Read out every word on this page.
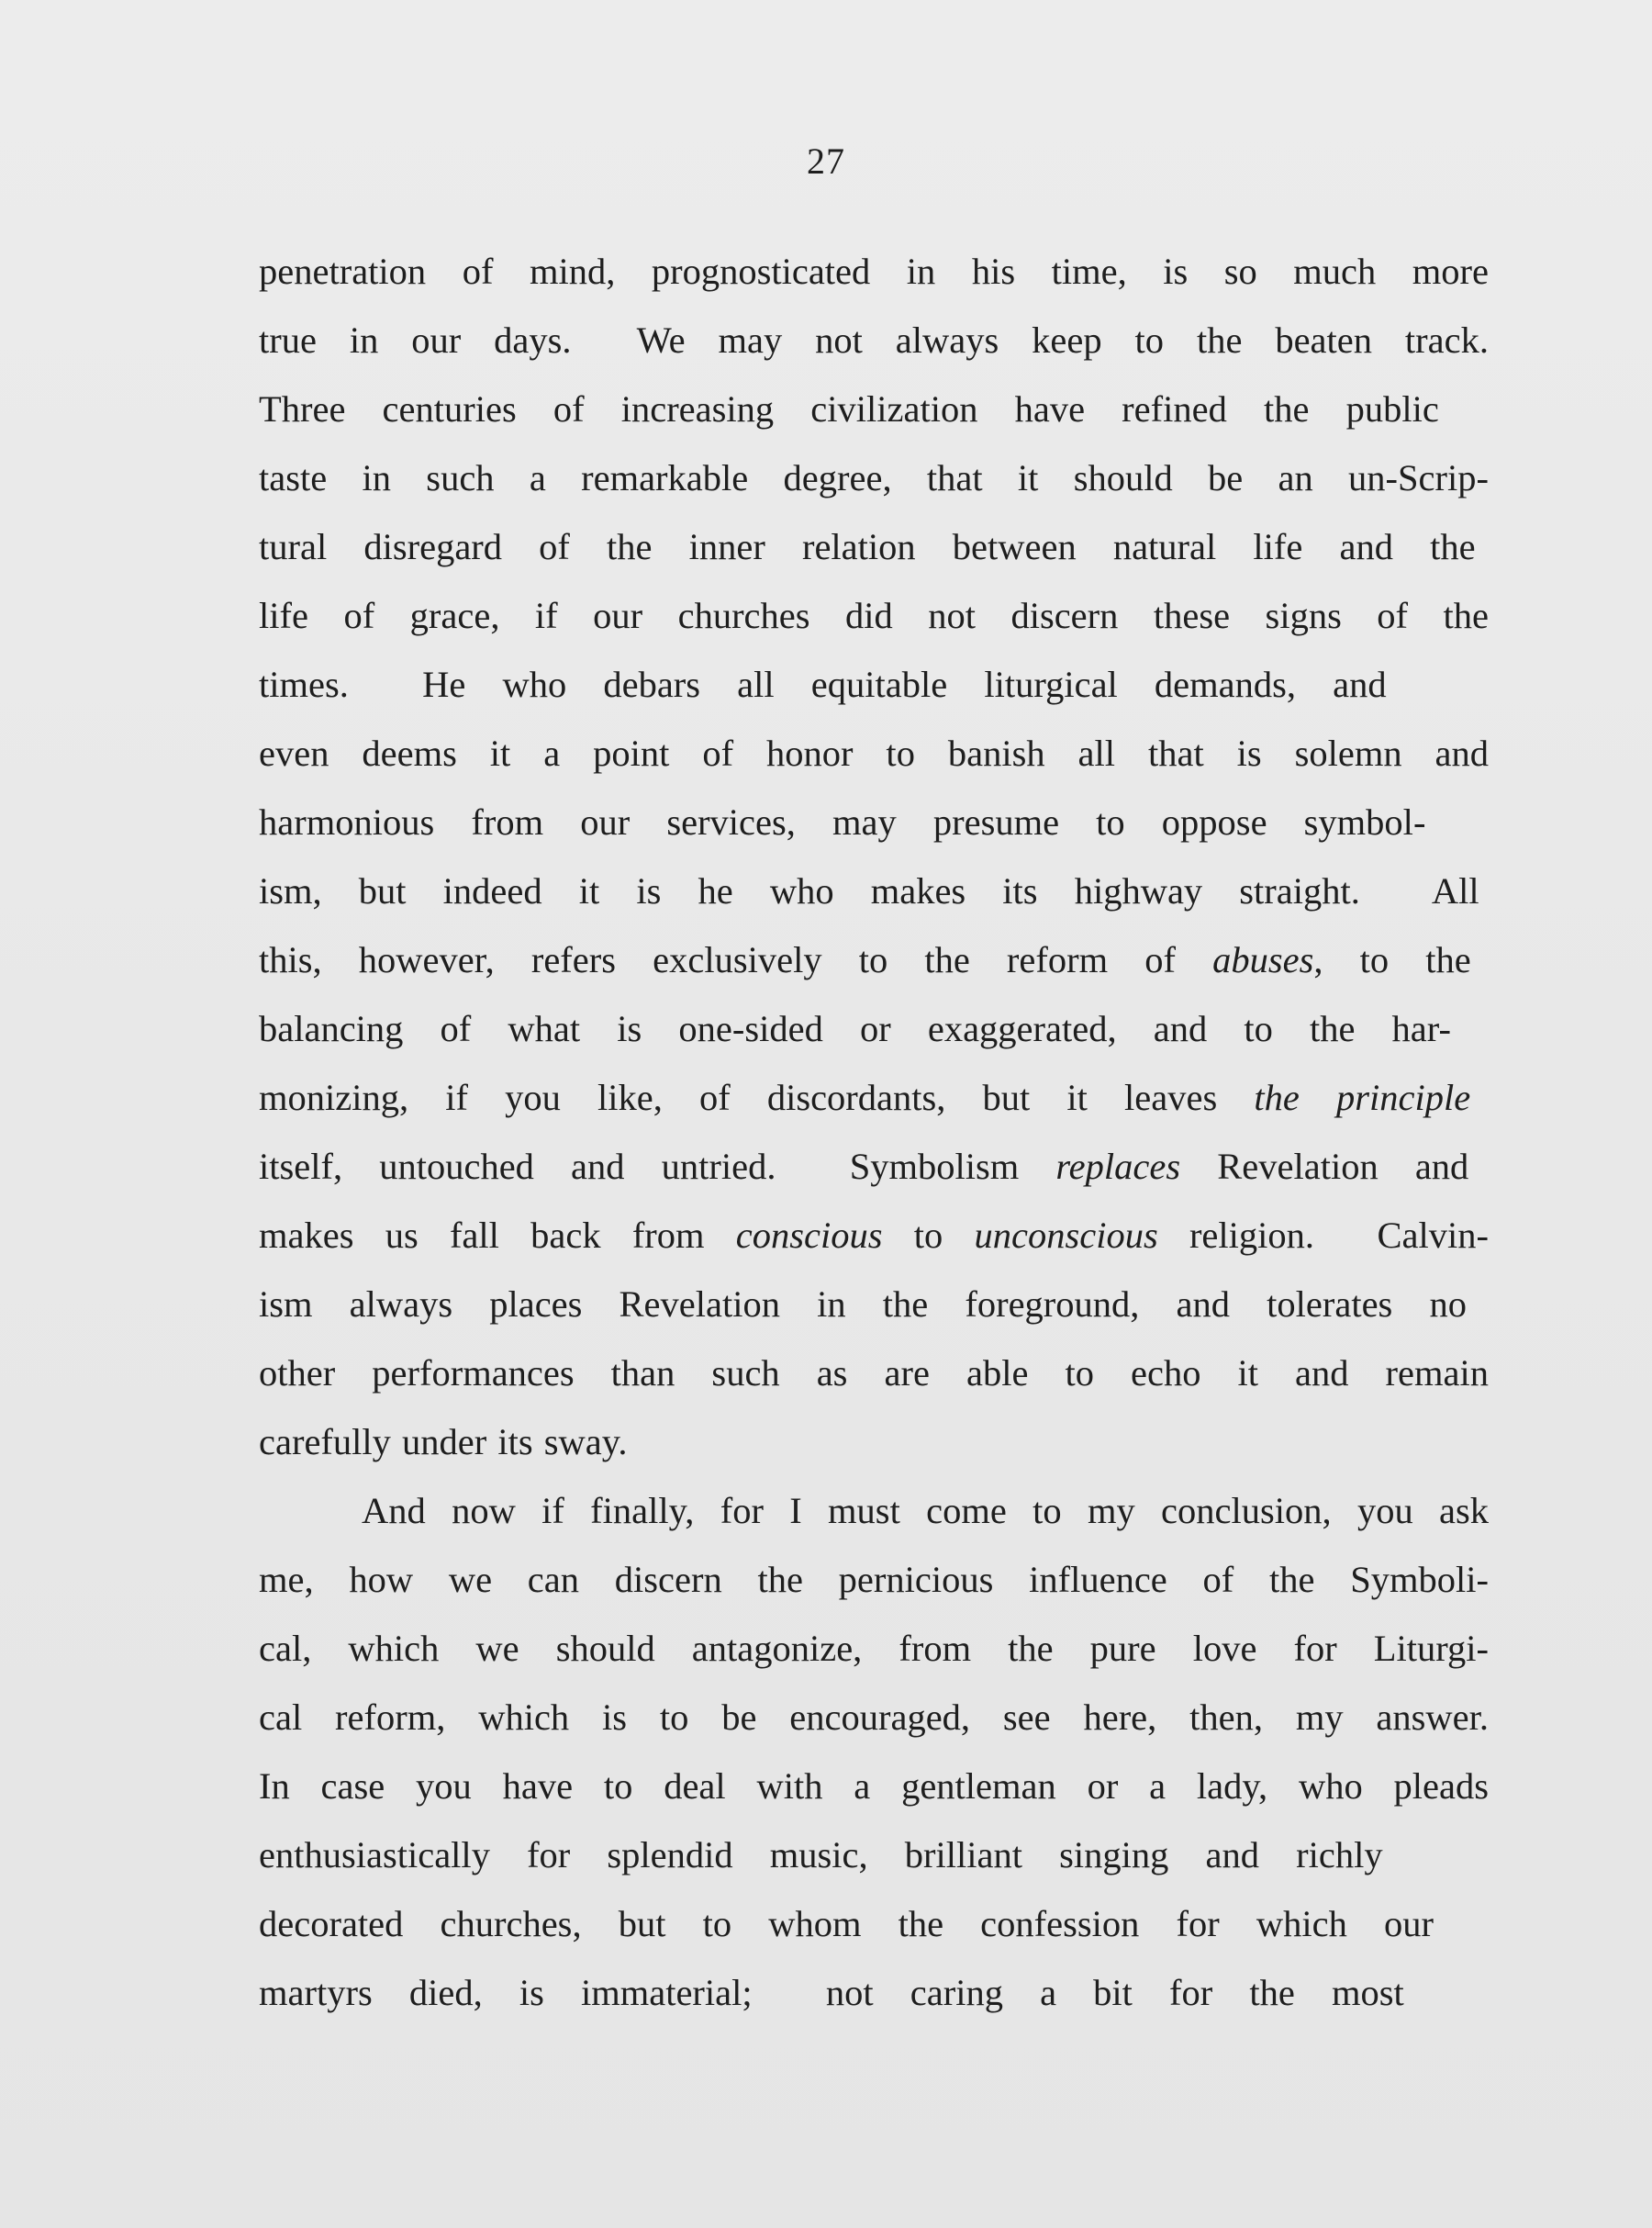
27
penetration of mind, prognosticated in his time, is so much more
true in our days.  We may not always keep to the beaten track.
Three centuries of increasing civilization have refined the public
taste in such a remarkable degree, that it should be an un-Scrip-
tural disregard of the inner relation between natural life and the
life of grace, if our churches did not discern these signs of the
times.  He who debars all equitable liturgical demands, and
even deems it a point of honor to banish all that is solemn and
harmonious from our services, may presume to oppose symbol-
ism, but indeed it is he who makes its highway straight.  All
this, however, refers exclusively to the reform of abuses, to the
balancing of what is one-sided or exaggerated, and to the har-
monizing, if you like, of discordants, but it leaves the principle
itself, untouched and untried.  Symbolism replaces Revelation and
makes us fall back from conscious to unconscious religion.  Calvin-
ism always places Revelation in the foreground, and tolerates no
other performances than such as are able to echo it and remain
carefully under its sway.
And now if finally, for I must come to my conclusion, you ask
me, how we can discern the pernicious influence of the Symboli-
cal, which we should antagonize, from the pure love for Liturgi-
cal reform, which is to be encouraged, see here, then, my answer.
In case you have to deal with a gentleman or a lady, who pleads
enthusiastically for splendid music, brilliant singing and richly
decorated churches, but to whom the confession for which our
martyrs died, is immaterial;  not caring a bit for the most
